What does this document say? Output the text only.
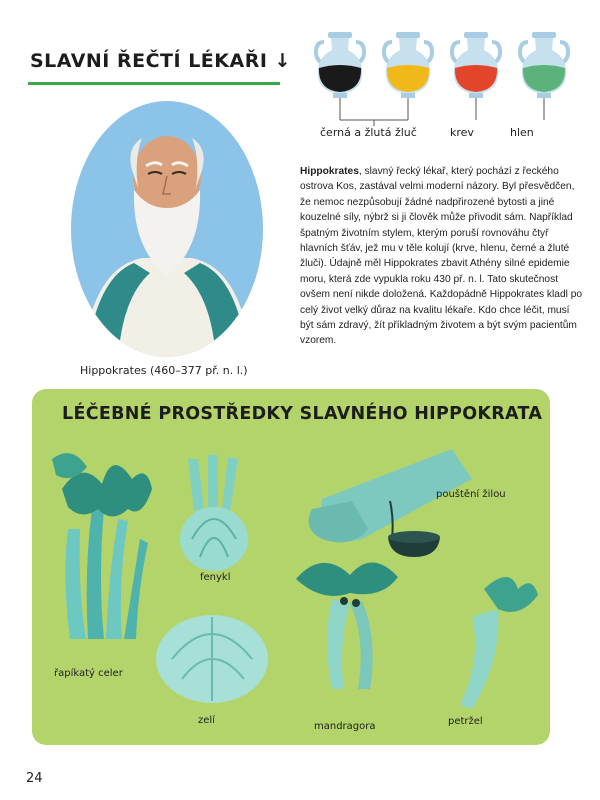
SLAVNÍ ŘEČTÍ LÉKAŘI ↓
černá a žlutá žluč	krev	hlen
Hippokrates (460–377 př. n. l.)
Hippokrates, slavný řecký lékař, který pochází z řeckého ostrova Kos, zastával velmi moderní názory. Byl přesvědčen, že nemoc nezpůsobují žádné nadpřirozené bytosti a jiné kouzelné síly, nýbrž si ji člověk může přivodit sám. Například špatným životním stylem, kterým poruší rovnováhu čtyř hlavních šťáv, jež mu v těle kolují (krve, hlenu, černé a žluté žluči). Údajně měl Hippokrates zbavit Athény silné epidemie moru, která zde vypukla roku 430 př. n. l. Tato skutečnost ovšem není nikde doložená. Každopádně Hippokrates kladl po celý život velký důraz na kvalitu lékaře. Kdo chce léčit, musí být sám zdravý, žít příkladným životem a být svým pacientům vzorem.
LÉČEBNÉ PROSTŘEDKY SLAVNÉHO HIPPOKRATA
řapíkatý celer
fenykl
pouštění žilou
zelí
mandragora	petržel
24
